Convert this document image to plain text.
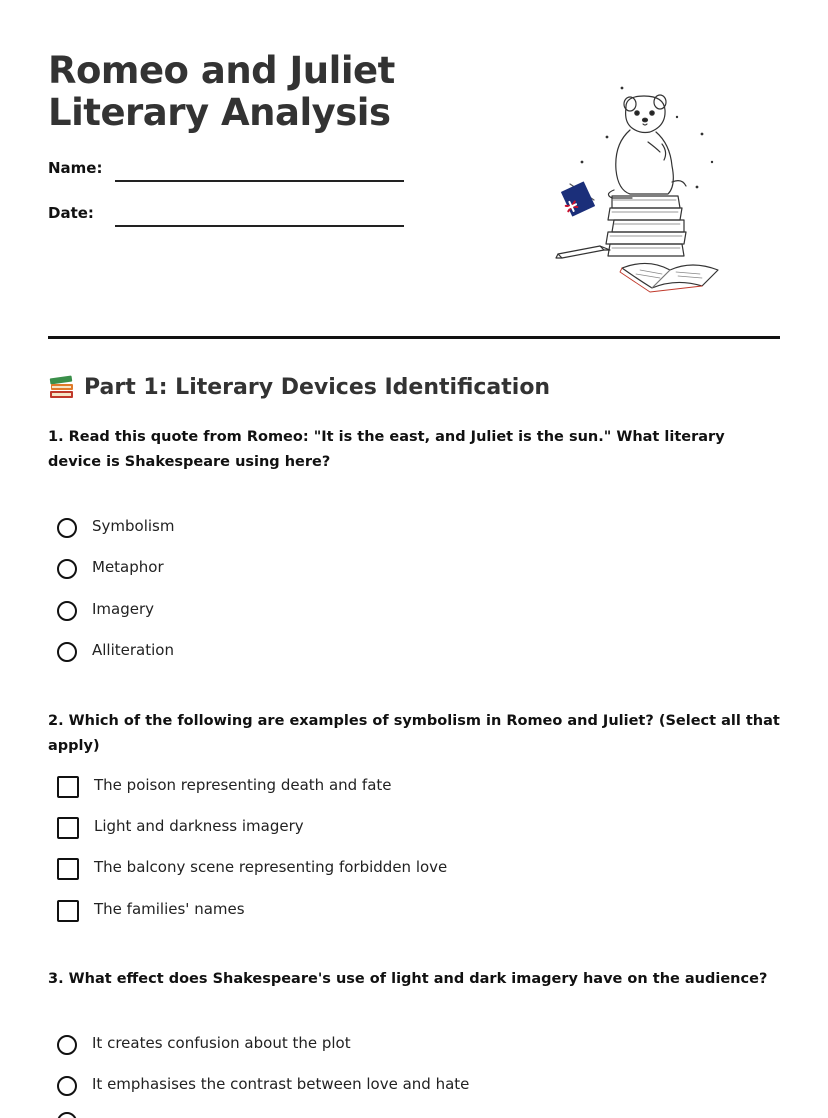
Romeo and Juliet
Literary Analysis
Name:
Date:
Part 1: Literary Devices Identification

1. Read this quote from Romeo: "It is the east, and Juliet is the sun." What literary device is Shakespeare using here?

Symbolism
Metaphor
Imagery
Alliteration

2. Which of the following are examples of symbolism in Romeo and Juliet? (Select all that apply)

The poison representing death and fate
Light and darkness imagery
The balcony scene representing forbidden love
The families' names

3. What effect does Shakespeare's use of light and dark imagery have on the audience?

It creates confusion about the plot
It emphasises the contrast between love and hate
